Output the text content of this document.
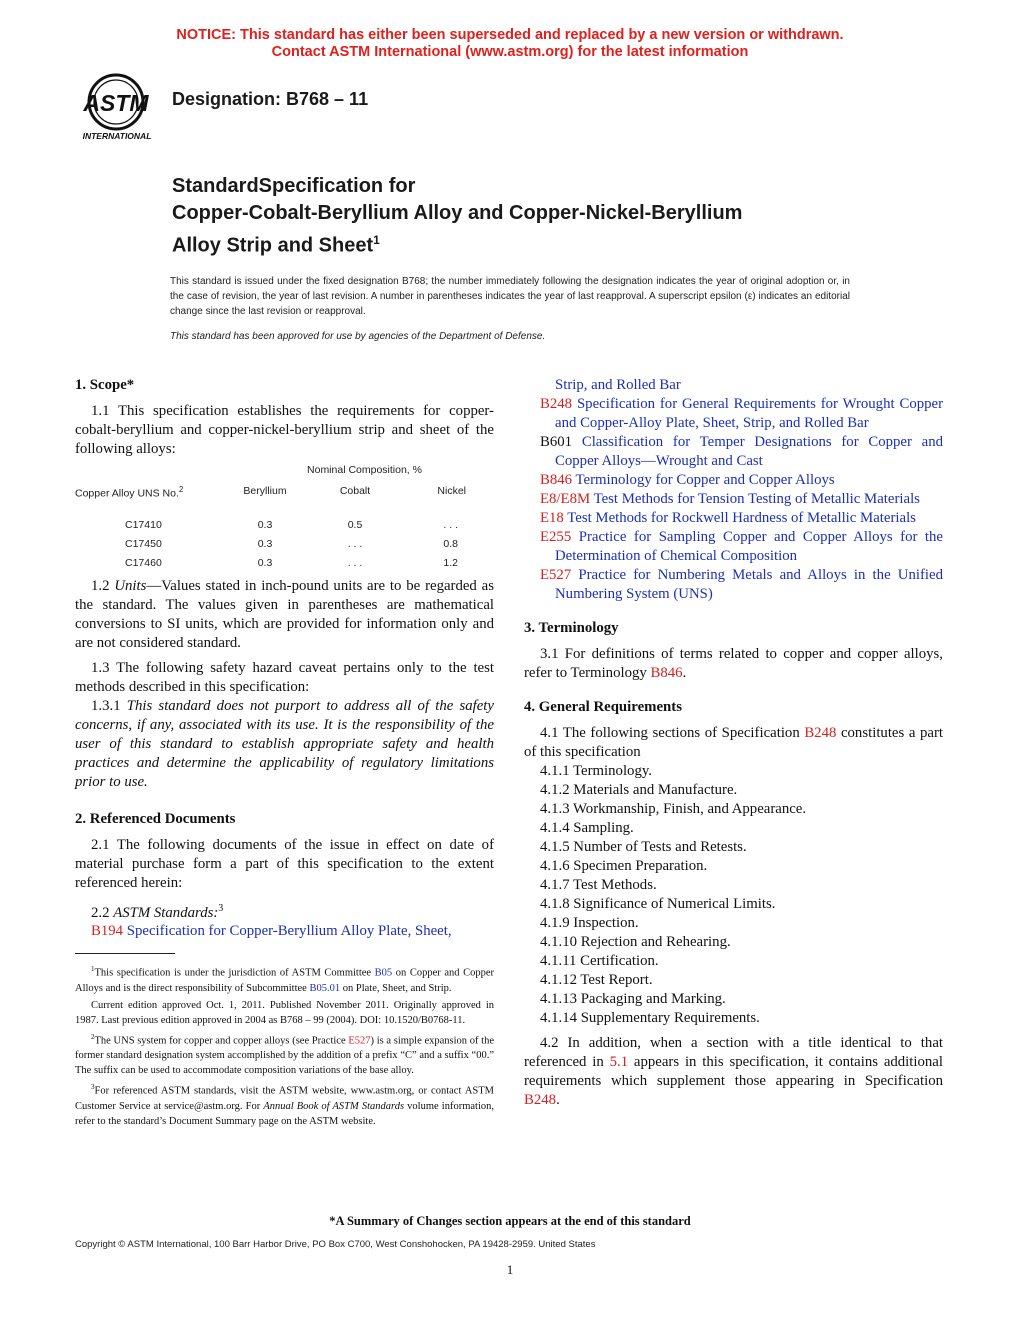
NOTICE: This standard has either been superseded and replaced by a new version or withdrawn.
Contact ASTM International (www.astm.org) for the latest information
ASTM
INTERNATIONAL
Designation: B768 – 11
StandardSpecification for
Copper-Cobalt-Beryllium Alloy and Copper-Nickel-Beryllium
Alloy Strip and Sheet$^1$
This standard is issued under the fixed designation B768; the number immediately following the designation indicates the year of original adoption or, in the case of revision, the year of last revision. A number in parentheses indicates the year of last reapproval. A superscript epsilon (ε) indicates an editorial change since the last revision or reapproval.
This standard has been approved for use by agencies of the Department of Defense.
1. Scope*
1.1 This specification establishes the requirements for copper-cobalt-beryllium and copper-nickel-beryllium strip and sheet of the following alloys:
	Nominal Composition, %		
Copper Alloy UNS No.$^2$	Beryllium	Cobalt	Nickel

C17410	0.3	0.5	. . .
C17450	0.3	. . .	0.8
C17460	0.3	. . .	1.2
1.2 Units—Values stated in inch-pound units are to be regarded as the standard. The values given in parentheses are mathematical conversions to SI units, which are provided for information only and are not considered standard.
1.3 The following safety hazard caveat pertains only to the test methods described in this specification:
1.3.1 This standard does not purport to address all of the safety concerns, if any, associated with its use. It is the responsibility of the user of this standard to establish appropriate safety and health practices and determine the applicability of regulatory limitations prior to use.
2. Referenced Documents
2.1 The following documents of the issue in effect on date of material purchase form a part of this specification to the extent referenced herein:
2.2 ASTM Standards:$^3$
B194 Specification for Copper-Beryllium Alloy Plate, Sheet,
$^1$This specification is under the jurisdiction of ASTM Committee B05 on Copper and Copper Alloys and is the direct responsibility of Subcommittee B05.01 on Plate, Sheet, and Strip.
Current edition approved Oct. 1, 2011. Published November 2011. Originally approved in 1987. Last previous edition approved in 2004 as B768 – 99 (2004). DOI: 10.1520/B0768-11.
$^2$The UNS system for copper and copper alloys (see Practice E527) is a simple expansion of the former standard designation system accomplished by the addition of a prefix “C” and a suffix “00.” The suffix can be used to accommodate composition variations of the base alloy.
$^3$For referenced ASTM standards, visit the ASTM website, www.astm.org, or contact ASTM Customer Service at service@astm.org. For Annual Book of ASTM Standards volume information, refer to the standard’s Document Summary page on the ASTM website.
Strip, and Rolled Bar
B248 Specification for General Requirements for Wrought Copper and Copper-Alloy Plate, Sheet, Strip, and Rolled Bar
B601 Classification for Temper Designations for Copper and Copper Alloys—Wrought and Cast
B846 Terminology for Copper and Copper Alloys
E8/E8M Test Methods for Tension Testing of Metallic Materials
E18 Test Methods for Rockwell Hardness of Metallic Materials
E255 Practice for Sampling Copper and Copper Alloys for the Determination of Chemical Composition
E527 Practice for Numbering Metals and Alloys in the Unified Numbering System (UNS)
3. Terminology
3.1 For definitions of terms related to copper and copper alloys, refer to Terminology B846.
4. General Requirements
4.1 The following sections of Specification B248 constitutes a part of this specification
4.1.1 Terminology.
4.1.2 Materials and Manufacture.
4.1.3 Workmanship, Finish, and Appearance.
4.1.4 Sampling.
4.1.5 Number of Tests and Retests.
4.1.6 Specimen Preparation.
4.1.7 Test Methods.
4.1.8 Significance of Numerical Limits.
4.1.9 Inspection.
4.1.10 Rejection and Rehearing.
4.1.11 Certification.
4.1.12 Test Report.
4.1.13 Packaging and Marking.
4.1.14 Supplementary Requirements.
4.2 In addition, when a section with a title identical to that referenced in 5.1 appears in this specification, it contains additional requirements which supplement those appearing in Specification B248.
*A Summary of Changes section appears at the end of this standard
Copyright © ASTM International, 100 Barr Harbor Drive, PO Box C700, West Conshohocken, PA 19428-2959. United States
1
